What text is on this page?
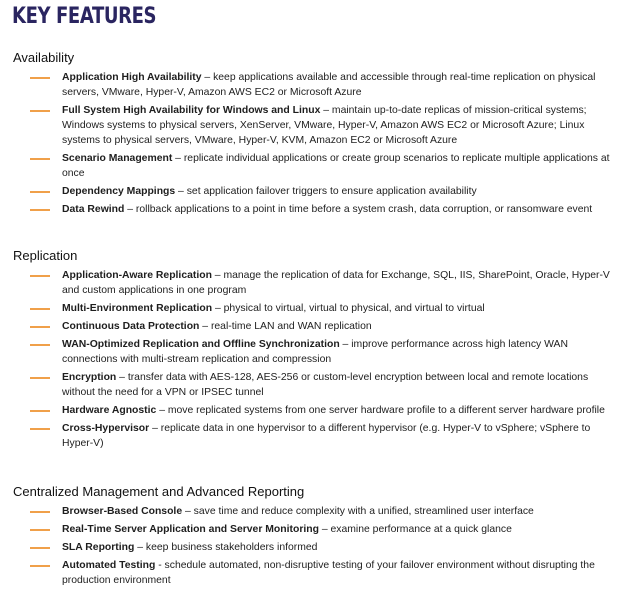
KEY FEATURES
Availability
Application High Availability – keep applications available and accessible through real-time replication on physical servers, VMware, Hyper-V, Amazon AWS EC2 or Microsoft Azure
Full System High Availability for Windows and Linux – maintain up-to-date replicas of mission-critical systems; Windows systems to physical servers, XenServer, VMware, Hyper-V, Amazon AWS EC2 or Microsoft Azure; Linux systems to physical servers, VMware, Hyper-V, KVM, Amazon EC2 or Microsoft Azure
Scenario Management – replicate individual applications or create group scenarios to replicate multiple applications at once
Dependency Mappings – set application failover triggers to ensure application availability
Data Rewind – rollback applications to a point in time before a system crash, data corruption, or ransomware event
Replication
Application-Aware Replication – manage the replication of data for Exchange, SQL, IIS, SharePoint, Oracle, Hyper-V and custom applications in one program
Multi-Environment Replication – physical to virtual, virtual to physical, and virtual to virtual
Continuous Data Protection – real-time LAN and WAN replication
WAN-Optimized Replication and Offline Synchronization – improve performance across high latency WAN connections with multi-stream replication and compression
Encryption – transfer data with AES-128, AES-256 or custom-level encryption between local and remote locations without the need for a VPN or IPSEC tunnel
Hardware Agnostic – move replicated systems from one server hardware profile to a different server hardware profile
Cross-Hypervisor – replicate data in one hypervisor to a different hypervisor (e.g. Hyper-V to vSphere; vSphere to Hyper-V)
Centralized Management and Advanced Reporting
Browser-Based Console – save time and reduce complexity with a unified, streamlined user interface
Real-Time Server Application and Server Monitoring – examine performance at a quick glance
SLA Reporting – keep business stakeholders informed
Automated Testing - schedule automated, non-disruptive testing of your failover environment without disrupting the production environment
